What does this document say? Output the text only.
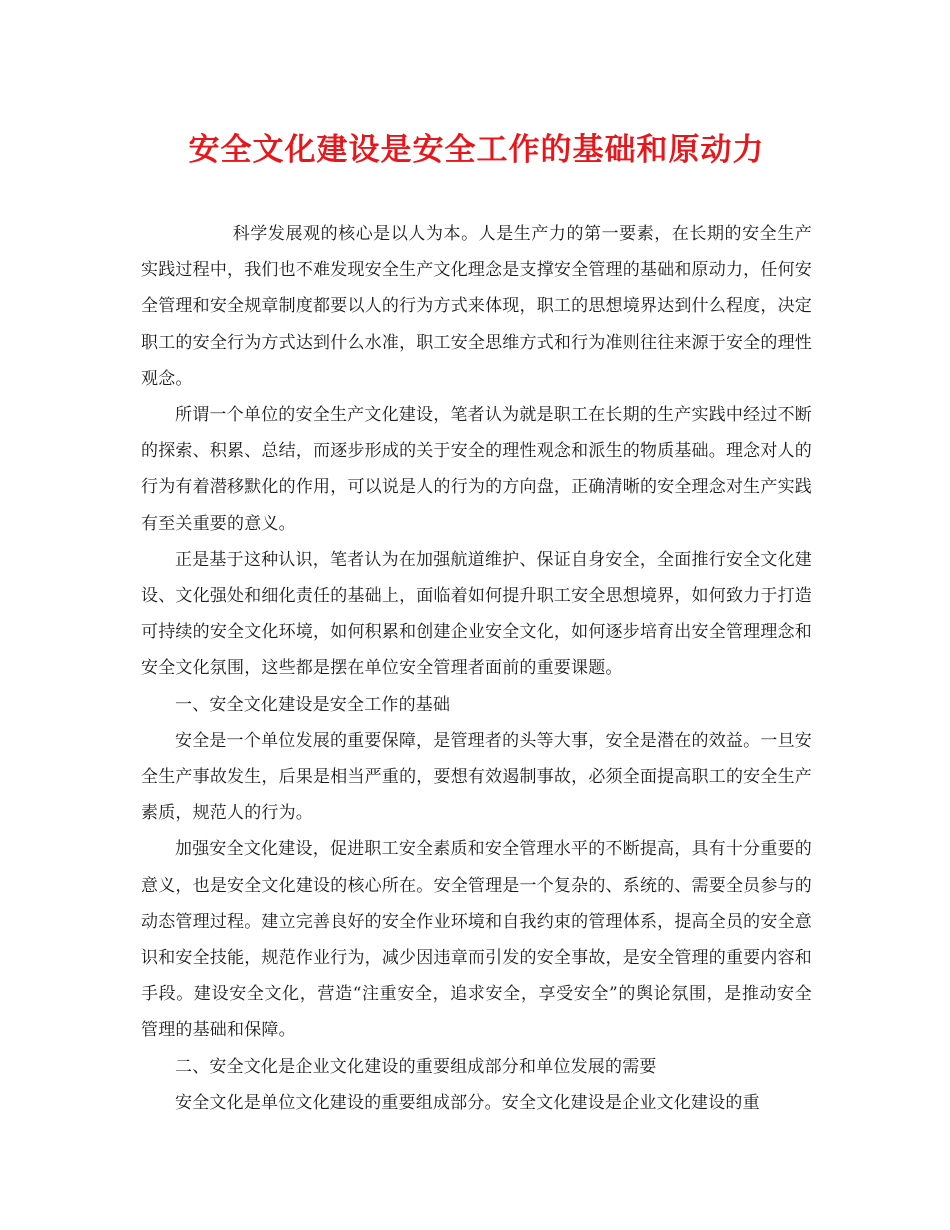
安全文化建设是安全工作的基础和原动力

科学发展观的核心是以人为本。人是生产力的第一要素，在长期的安全生产实践过程中，我们也不难发现安全生产文化理念是支撑安全管理的基础和原动力，任何安全管理和安全规章制度都要以人的行为方式来体现，职工的思想境界达到什么程度，决定职工的安全行为方式达到什么水准，职工安全思维方式和行为准则往往来源于安全的理性观念。

所谓一个单位的安全生产文化建设，笔者认为就是职工在长期的生产实践中经过不断的探索、积累、总结，而逐步形成的关于安全的理性观念和派生的物质基础。理念对人的行为有着潜移默化的作用，可以说是人的行为的方向盘，正确清晰的安全理念对生产实践有至关重要的意义。

正是基于这种认识，笔者认为在加强航道维护、保证自身安全，全面推行安全文化建设、文化强处和细化责任的基础上，面临着如何提升职工安全思想境界，如何致力于打造可持续的安全文化环境，如何积累和创建企业安全文化，如何逐步培育出安全管理理念和安全文化氛围，这些都是摆在单位安全管理者面前的重要课题。

一、安全文化建设是安全工作的基础

安全是一个单位发展的重要保障，是管理者的头等大事，安全是潜在的效益。一旦安全生产事故发生，后果是相当严重的，要想有效遏制事故，必须全面提高职工的安全生产素质，规范人的行为。

加强安全文化建设，促进职工安全素质和安全管理水平的不断提高，具有十分重要的意义，也是安全文化建设的核心所在。安全管理是一个复杂的、系统的、需要全员参与的动态管理过程。建立完善良好的安全作业环境和自我约束的管理体系，提高全员的安全意识和安全技能，规范作业行为，减少因违章而引发的安全事故，是安全管理的重要内容和手段。建设安全文化，营造“注重安全，追求安全，享受安全”的舆论氛围，是推动安全管理的基础和保障。

二、安全文化是企业文化建设的重要组成部分和单位发展的需要

安全文化是单位文化建设的重要组成部分。安全文化建设是企业文化建设的重
